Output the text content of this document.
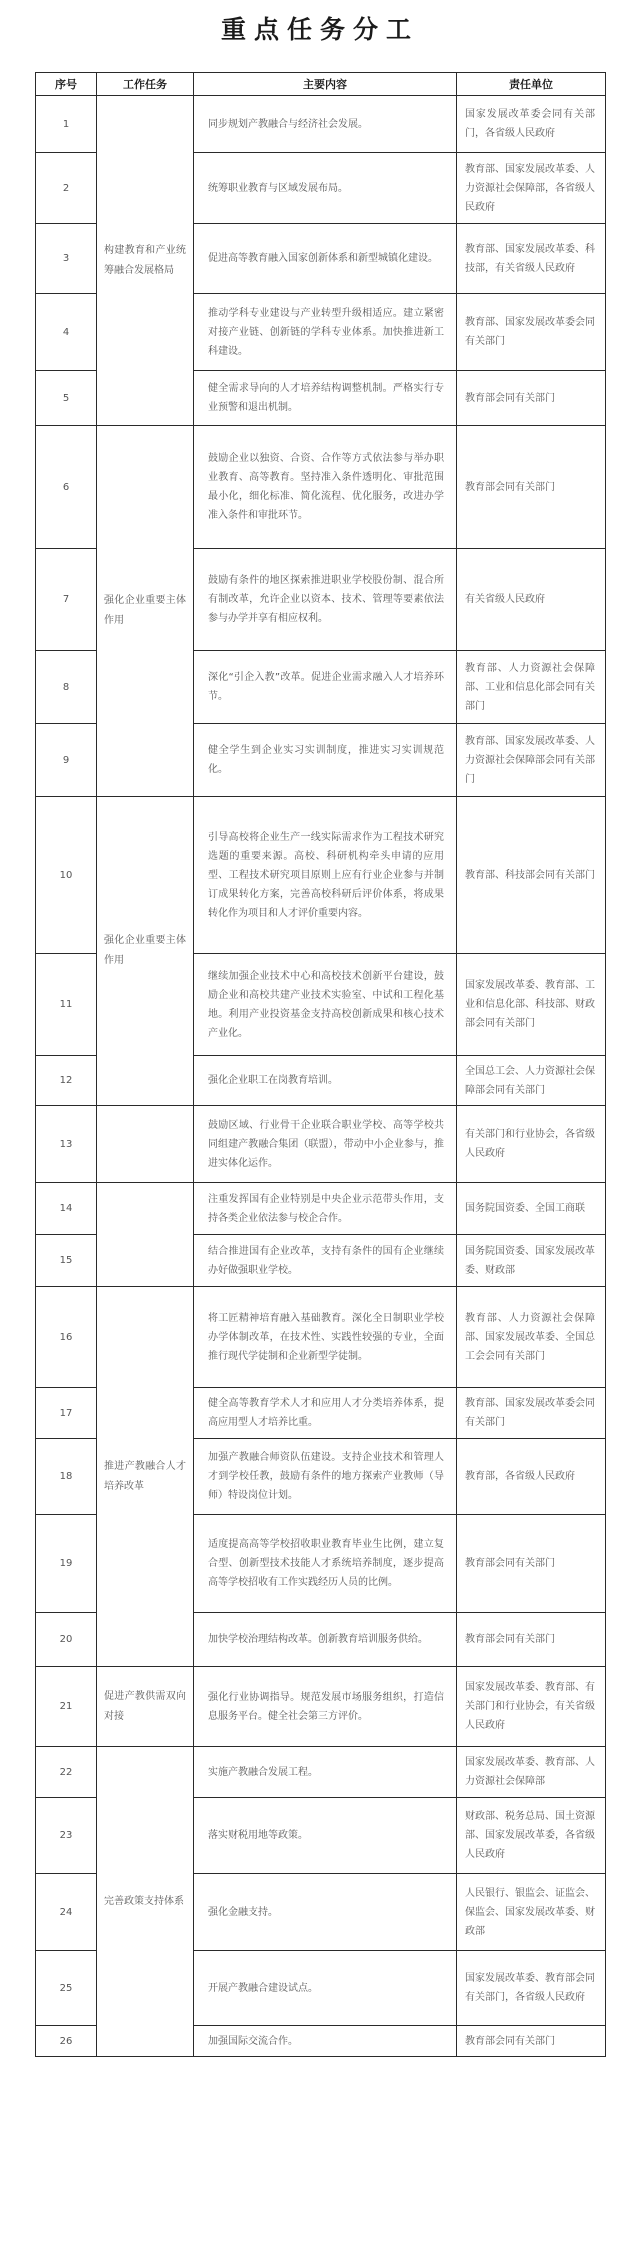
重点任务分工
序号	工作任务	主要内容	责任单位
1	构建教育和产业统筹融合发展格局	同步规划产教融合与经济社会发展。	国家发展改革委会同有关部门，各省级人民政府
2		统筹职业教育与区域发展布局。	教育部、国家发展改革委、人力资源社会保障部，各省级人民政府
3		促进高等教育融入国家创新体系和新型城镇化建设。	教育部、国家发展改革委、科技部，有关省级人民政府
4		推动学科专业建设与产业转型升级相适应。建立紧密对接产业链、创新链的学科专业体系。加快推进新工科建设。	教育部、国家发展改革委会同有关部门
5		健全需求导向的人才培养结构调整机制。严格实行专业预警和退出机制。	教育部会同有关部门
6	强化企业重要主体作用	鼓励企业以独资、合资、合作等方式依法参与举办职业教育、高等教育。坚持准入条件透明化、审批范围最小化，细化标准、简化流程、优化服务，改进办学准入条件和审批环节。	教育部会同有关部门
7		鼓励有条件的地区探索推进职业学校股份制、混合所有制改革，允许企业以资本、技术、管理等要素依法参与办学并享有相应权利。	有关省级人民政府
8		深化“引企入教”改革。促进企业需求融入人才培养环节。	教育部、人力资源社会保障部、工业和信息化部会同有关部门
9		健全学生到企业实习实训制度，推进实习实训规范化。	教育部、国家发展改革委、人力资源社会保障部会同有关部门
10	强化企业重要主体作用	引导高校将企业生产一线实际需求作为工程技术研究选题的重要来源。高校、科研机构牵头申请的应用型、工程技术研究项目原则上应有行业企业参与并制订成果转化方案，完善高校科研后评价体系，将成果转化作为项目和人才评价重要内容。	教育部、科技部会同有关部门
11		继续加强企业技术中心和高校技术创新平台建设，鼓励企业和高校共建产业技术实验室、中试和工程化基地。利用产业投资基金支持高校创新成果和核心技术产业化。	国家发展改革委、教育部、工业和信息化部、科技部、财政部会同有关部门
12		强化企业职工在岗教育培训。	全国总工会、人力资源社会保障部会同有关部门
13		鼓励区域、行业骨干企业联合职业学校、高等学校共同组建产教融合集团（联盟），带动中小企业参与，推进实体化运作。	有关部门和行业协会，各省级人民政府
14		注重发挥国有企业特别是中央企业示范带头作用，支持各类企业依法参与校企合作。	国务院国资委、全国工商联
15		结合推进国有企业改革，支持有条件的国有企业继续办好做强职业学校。	国务院国资委、国家发展改革委、财政部
16	推进产教融合人才培养改革	将工匠精神培育融入基础教育。深化全日制职业学校办学体制改革，在技术性、实践性较强的专业，全面推行现代学徒制和企业新型学徒制。	教育部、人力资源社会保障部、国家发展改革委、全国总工会会同有关部门
17		健全高等教育学术人才和应用人才分类培养体系，提高应用型人才培养比重。	教育部、国家发展改革委会同有关部门
18		加强产教融合师资队伍建设。支持企业技术和管理人才到学校任教，鼓励有条件的地方探索产业教师（导师）特设岗位计划。	教育部，各省级人民政府
19		适度提高高等学校招收职业教育毕业生比例，建立复合型、创新型技术技能人才系统培养制度，逐步提高高等学校招收有工作实践经历人员的比例。	教育部会同有关部门
20		加快学校治理结构改革。创新教育培训服务供给。	教育部会同有关部门
21	促进产教供需双向对接	强化行业协调指导。规范发展市场服务组织，打造信息服务平台。健全社会第三方评价。	国家发展改革委、教育部、有关部门和行业协会，有关省级人民政府
22	完善政策支持体系	实施产教融合发展工程。	国家发展改革委、教育部、人力资源社会保障部
23		落实财税用地等政策。	财政部、税务总局、国土资源部、国家发展改革委，各省级人民政府
24		强化金融支持。	人民银行、银监会、证监会、保监会、国家发展改革委、财政部
25		开展产教融合建设试点。	国家发展改革委、教育部会同有关部门，各省级人民政府
26		加强国际交流合作。	教育部会同有关部门
